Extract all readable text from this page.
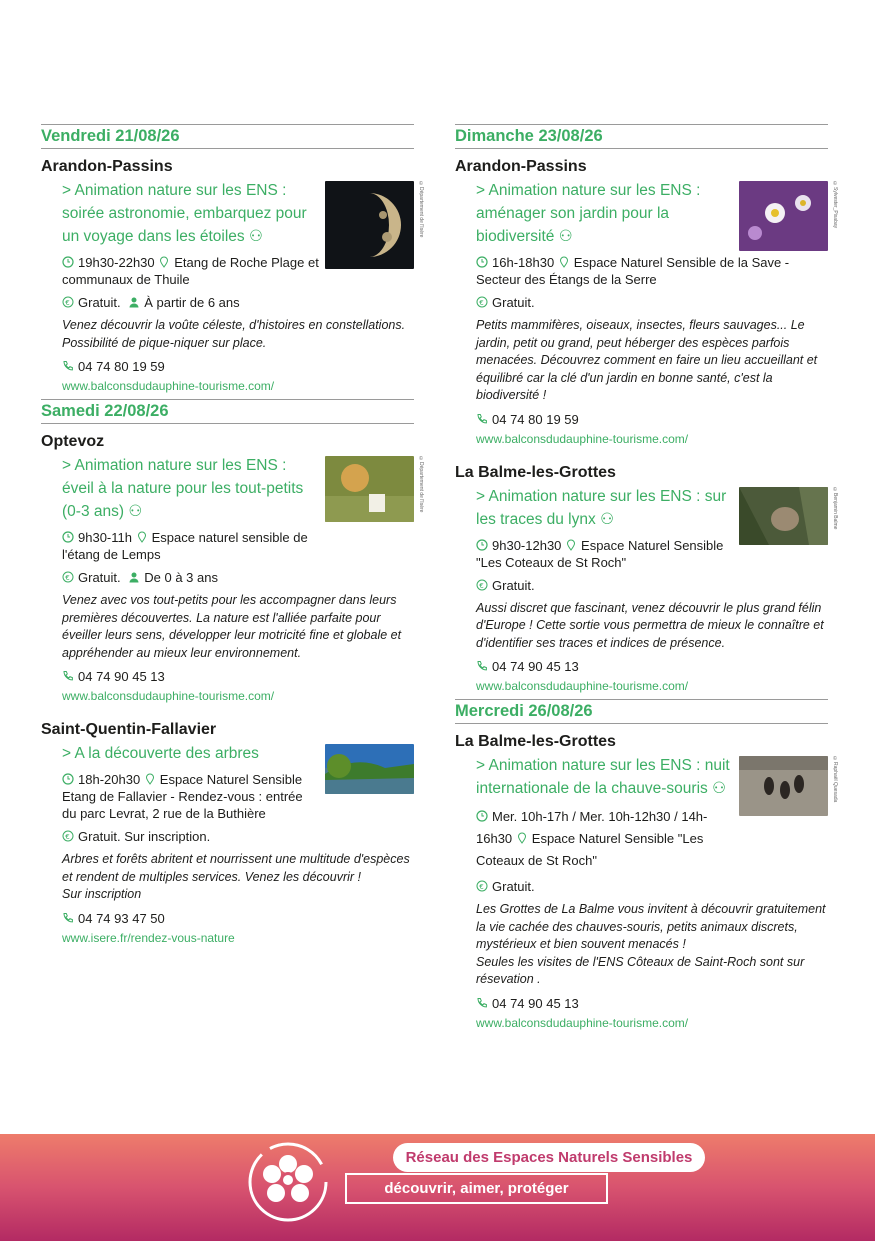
Vendredi 21/08/26
Arandon-Passins
©Département de l'Isère
> Animation nature sur les ENS : soirée astronomie, embarquez pour un voyage dans les étoiles ⚇
19h30-22h30 Etang de Roche Plage et communaux de Thuile
€ Gratuit. À partir de 6 ans
Venez découvrir la voûte céleste, d'histoires en constellations. Possibilité de pique-niquer sur place.
04 74 80 19 59
www.balconsdudauphine-tourisme.com/
Samedi 22/08/26
Optevoz
©Département de l'Isère
> Animation nature sur les ENS : éveil à la nature pour les tout-petits (0-3 ans) ⚇
9h30-11h Espace naturel sensible de l'étang de Lemps
€ Gratuit. De 0 à 3 ans
Venez avec vos tout-petits pour les accompagner dans leurs premières découvertes. La nature est l'alliée parfaite pour éveiller leurs sens, développer leur motricité fine et globale et appréhender au mieux leur environnement.
04 74 90 45 13
www.balconsdudauphine-tourisme.com/
Saint-Quentin-Fallavier
> A la découverte des arbres
18h-20h30 Espace Naturel Sensible Etang de Fallavier - Rendez-vous : entrée du parc Levrat, 2 rue de la Buthière
€ Gratuit. Sur inscription.
Arbres et forêts abritent et nourrissent une multitude d'espèces et rendent de multiples services. Venez les découvrir !
Sur inscription
04 74 93 47 50
www.isere.fr/rendez-vous-nature
Dimanche 23/08/26
Arandon-Passins
©Sylvester_Pixabay
> Animation nature sur les ENS : aménager son jardin pour la biodiversité ⚇
16h-18h30 Espace Naturel Sensible de la Save - Secteur des Étangs de la Serre
€ Gratuit.
Petits mammifères, oiseaux, insectes, fleurs sauvages... Le jardin, petit ou grand, peut héberger des espèces parfois menacées. Découvrez comment en faire un lieu accueillant et équilibré car la clé d'un jardin en bonne santé, c'est la biodiversité !
04 74 80 19 59
www.balconsdudauphine-tourisme.com/
La Balme-les-Grottes
©Benjamin Balme
> Animation nature sur les ENS : sur les traces du lynx ⚇
9h30-12h30 Espace Naturel Sensible "Les Coteaux de St Roch"
€ Gratuit.
Aussi discret que fascinant, venez découvrir le plus grand félin d'Europe ! Cette sortie vous permettra de mieux le connaître et d'identifier ses traces et indices de présence.
04 74 90 45 13
www.balconsdudauphine-tourisme.com/
Mercredi 26/08/26
La Balme-les-Grottes
©Raphaël Quesada
> Animation nature sur les ENS : nuit internationale de la chauve-souris ⚇
Mer. 10h-17h / Mer. 10h-12h30 / 14h-16h30 Espace Naturel Sensible "Les Coteaux de St Roch"
€ Gratuit.
Les Grottes de La Balme vous invitent à découvrir gratuitement la vie cachée des chauves-souris, petits animaux discrets, mystérieux et bien souvent menacés !
Seules les visites de l'ENS Côteaux de Saint-Roch sont sur résevation .
04 74 90 45 13
www.balconsdudauphine-tourisme.com/
Réseau des Espaces Naturels Sensibles
découvrir, aimer, protéger
